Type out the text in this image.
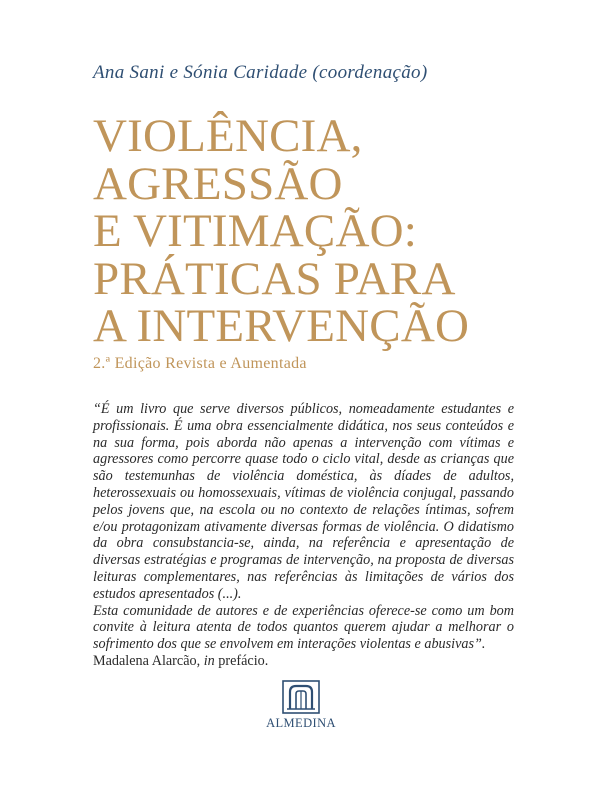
Ana Sani e Sónia Caridade (coordenação)
VIOLÊNCIA,
AGRESSÃO
E VITIMAÇÃO:
PRÁTICAS PARA
A INTERVENÇÃO
2.ª Edição Revista e Aumentada
“É um livro que serve diversos públicos, nomeadamente estudantes e profissionais. É uma obra essencialmente didática, nos seus conteúdos e na sua forma, pois aborda não apenas a intervenção com vítimas e agressores como percorre quase todo o ciclo vital, desde as crianças que são testemunhas de violência doméstica, às díades de adultos, heterossexuais ou homossexuais, vítimas de violência conjugal, passando pelos jovens que, na escola ou no contexto de relações íntimas, sofrem e/ou protagonizam ativamente diversas formas de violência. O didatismo da obra consubstancia-se, ainda, na referência e apresentação de diversas estratégias e programas de intervenção, na proposta de diversas leituras complementares, nas referências às limitações de vários dos estudos apresentados (...).
Esta comunidade de autores e de experiências oferece-se como um bom convite à leitura atenta de todos quantos querem ajudar a melhorar o sofrimento dos que se envolvem em interações violentas e abusivas”.
Madalena Alarcão, in prefácio.
ALMEDINA
